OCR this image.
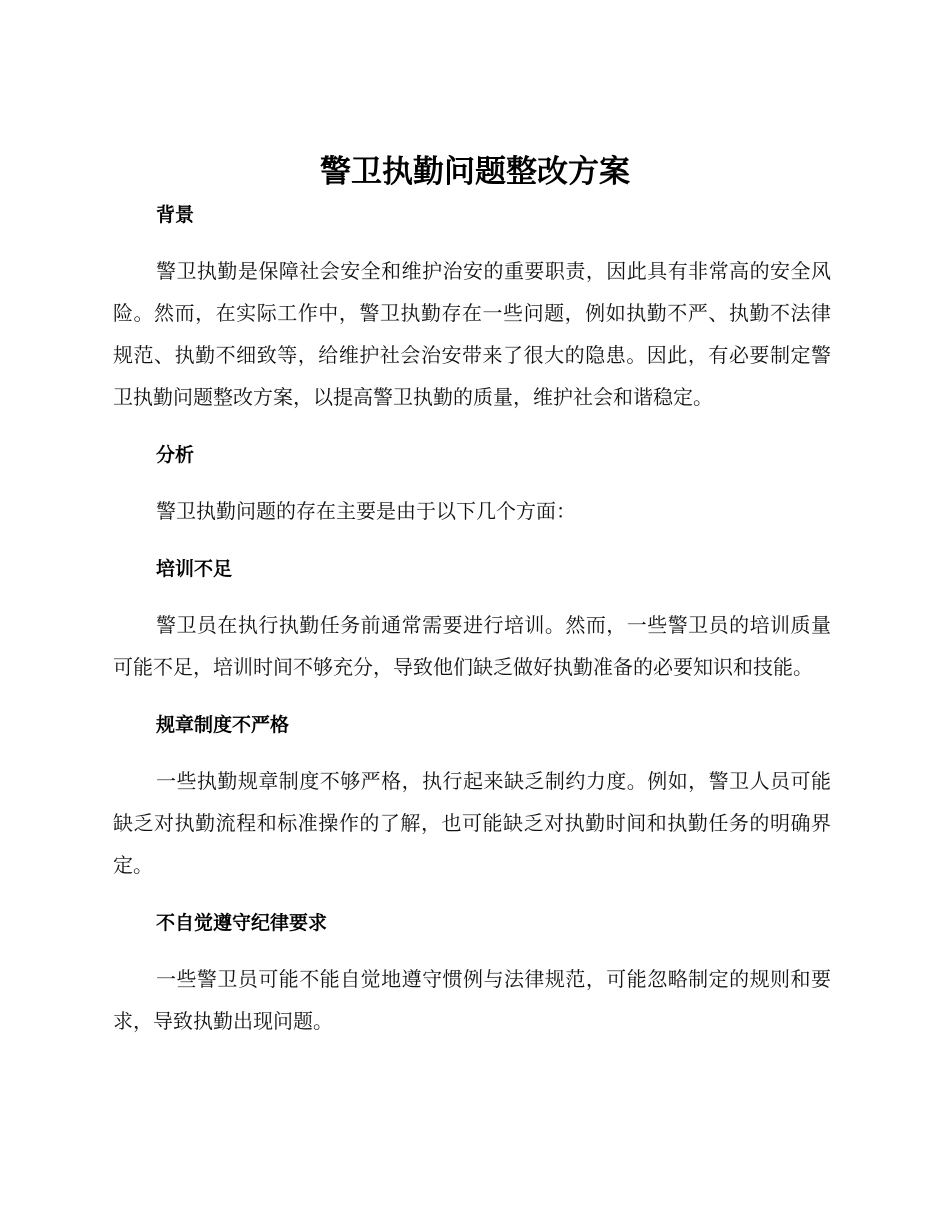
警卫执勤问题整改方案
背景

警卫执勤是保障社会安全和维护治安的重要职责，因此具有非常高的安全风险。然而，在实际工作中，警卫执勤存在一些问题，例如执勤不严、执勤不法律规范、执勤不细致等，给维护社会治安带来了很大的隐患。因此，有必要制定警卫执勤问题整改方案，以提高警卫执勤的质量，维护社会和谐稳定。

分析

警卫执勤问题的存在主要是由于以下几个方面：

培训不足

警卫员在执行执勤任务前通常需要进行培训。然而，一些警卫员的培训质量可能不足，培训时间不够充分，导致他们缺乏做好执勤准备的必要知识和技能。

规章制度不严格

一些执勤规章制度不够严格，执行起来缺乏制约力度。例如，警卫人员可能缺乏对执勤流程和标准操作的了解，也可能缺乏对执勤时间和执勤任务的明确界定。

不自觉遵守纪律要求

一些警卫员可能不能自觉地遵守惯例与法律规范，可能忽略制定的规则和要求，导致执勤出现问题。
